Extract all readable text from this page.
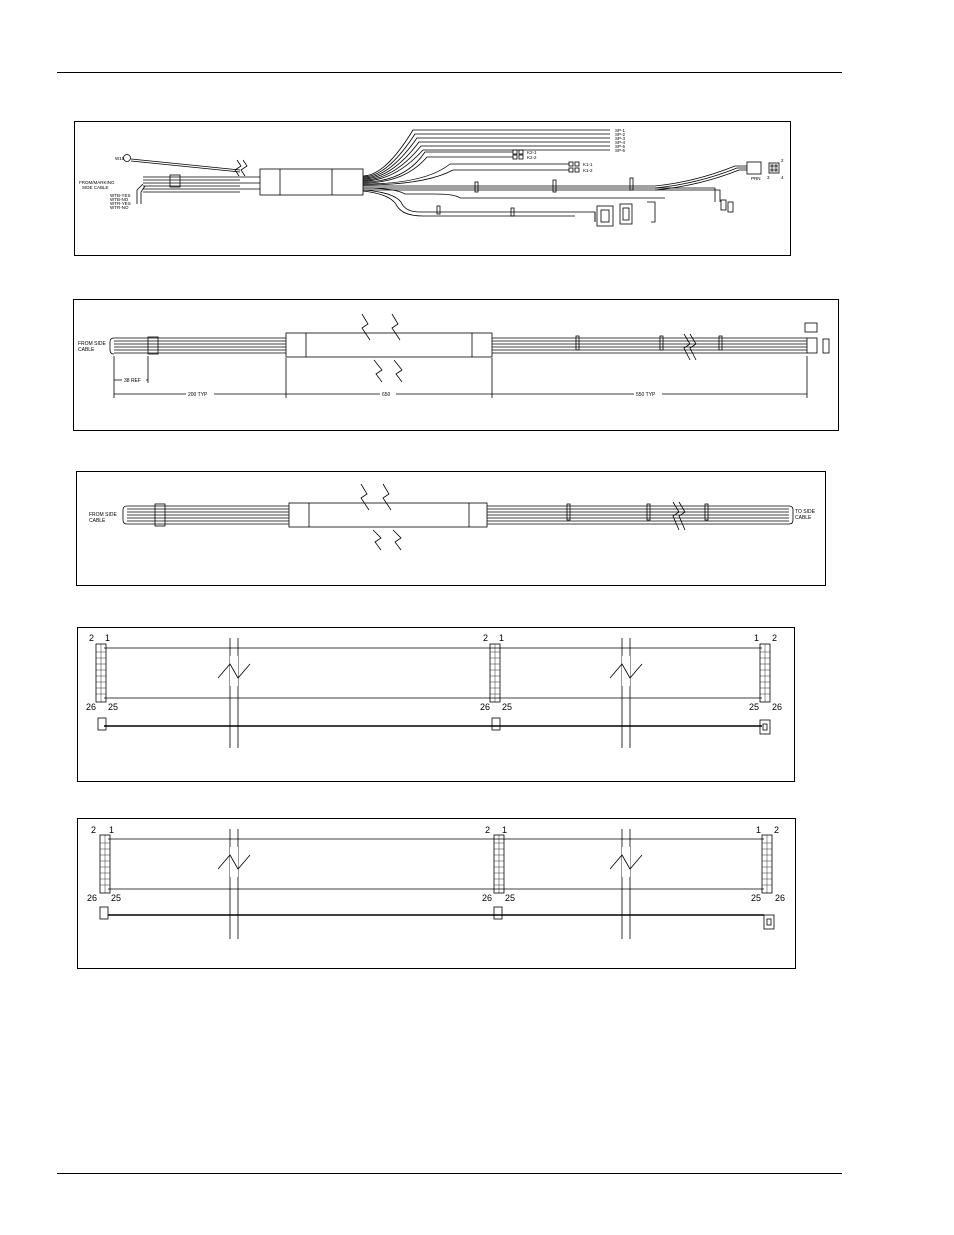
W15
FROM/MARKING
SIDE CABLE
WTB-YES
WTB-NO
WTR-YES
WTR-NO
SP-1
SP-2
SP-3
SP-4
SP-5
SP-6
K2-1
K2-2
K1-1
K1-2
PRN
2
3	4
FROM SIDE
CABLE
38 REF
200 TYP	650	550 TYP
FROM SIDE
CABLE
TO SIDE
CABLE
2 1
26 25
2 1
26 25
1 2
25 26
2 1
26 25
2 1
26 25
1 2
25 26
